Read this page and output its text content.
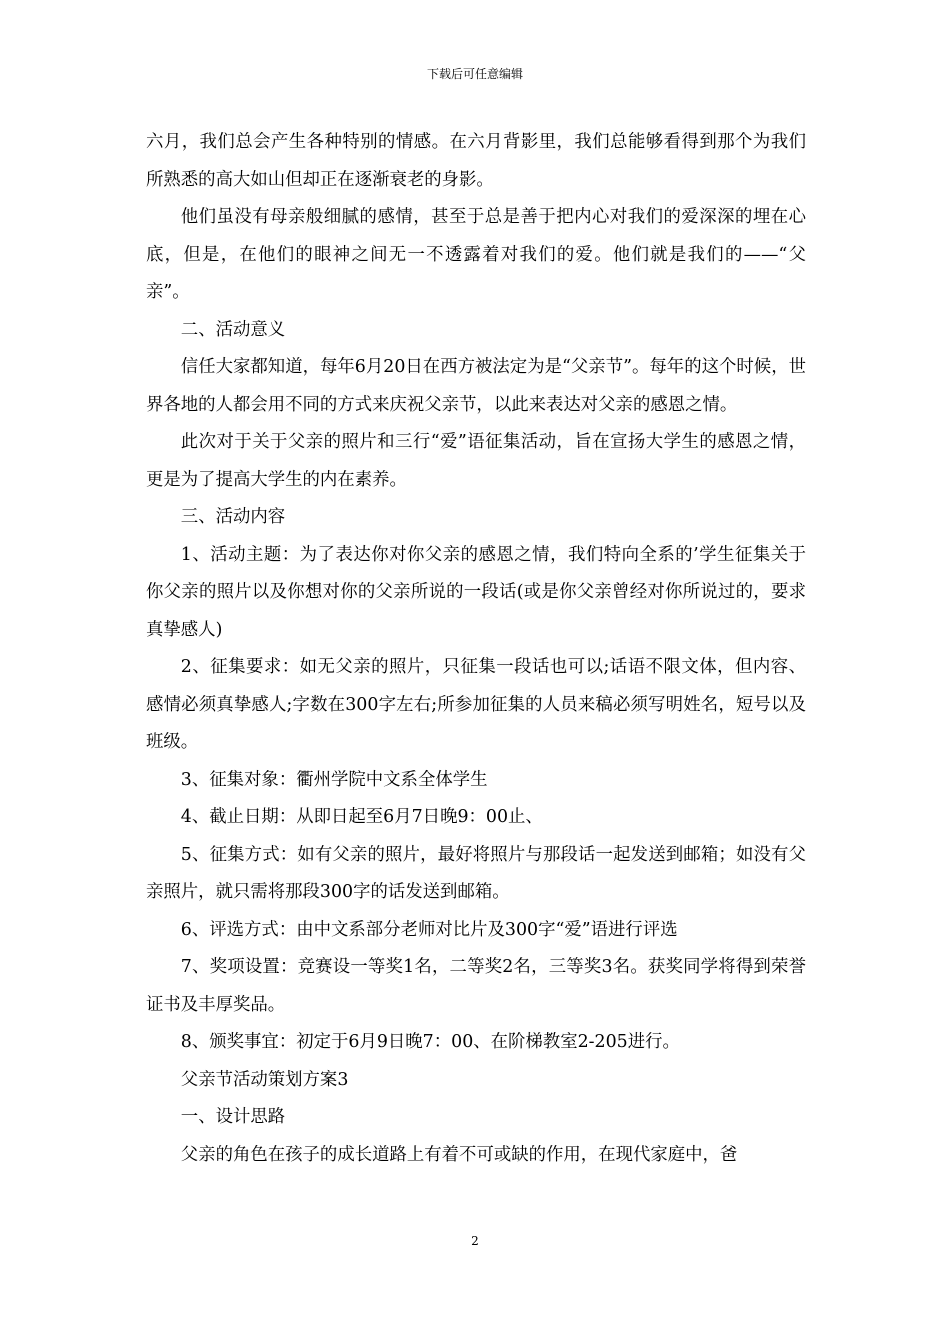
下载后可任意编辑

六月，我们总会产生各种特别的情感。在六月背影里，我们总能够看得到那个为我们所熟悉的高大如山但却正在逐渐衰老的身影。

他们虽没有母亲般细腻的感情，甚至于总是善于把内心对我们的爱深深的埋在心底，但是，在他们的眼神之间无一不透露着对我们的爱。他们就是我们的——“父亲”。

二、活动意义

信任大家都知道，每年6月20日在西方被法定为是“父亲节”。每年的这个时候，世界各地的人都会用不同的方式来庆祝父亲节，以此来表达对父亲的感恩之情。

此次对于关于父亲的照片和三行“爱”语征集活动，旨在宣扬大学生的感恩之情，更是为了提高大学生的内在素养。

三、活动内容

1、活动主题：为了表达你对你父亲的感恩之情，我们特向全系的’学生征集关于你父亲的照片以及你想对你的父亲所说的一段话(或是你父亲曾经对你所说过的，要求真挚感人)

2、征集要求：如无父亲的照片，只征集一段话也可以;话语不限文体，但内容、感情必须真挚感人;字数在300字左右;所参加征集的人员来稿必须写明姓名，短号以及班级。

3、征集对象：衢州学院中文系全体学生

4、截止日期：从即日起至6月7日晚9：00止、

5、征集方式：如有父亲的照片，最好将照片与那段话一起发送到邮箱；如没有父亲照片，就只需将那段300字的话发送到邮箱。

6、评选方式：由中文系部分老师对比片及300字“爱”语进行评选

7、奖项设置：竞赛设一等奖1名，二等奖2名，三等奖3名。获奖同学将得到荣誉证书及丰厚奖品。

8、颁奖事宜：初定于6月9日晚7：00、在阶梯教室2-205进行。

父亲节活动策划方案3

一、设计思路

父亲的角色在孩子的成长道路上有着不可或缺的作用，在现代家庭中，爸

2
